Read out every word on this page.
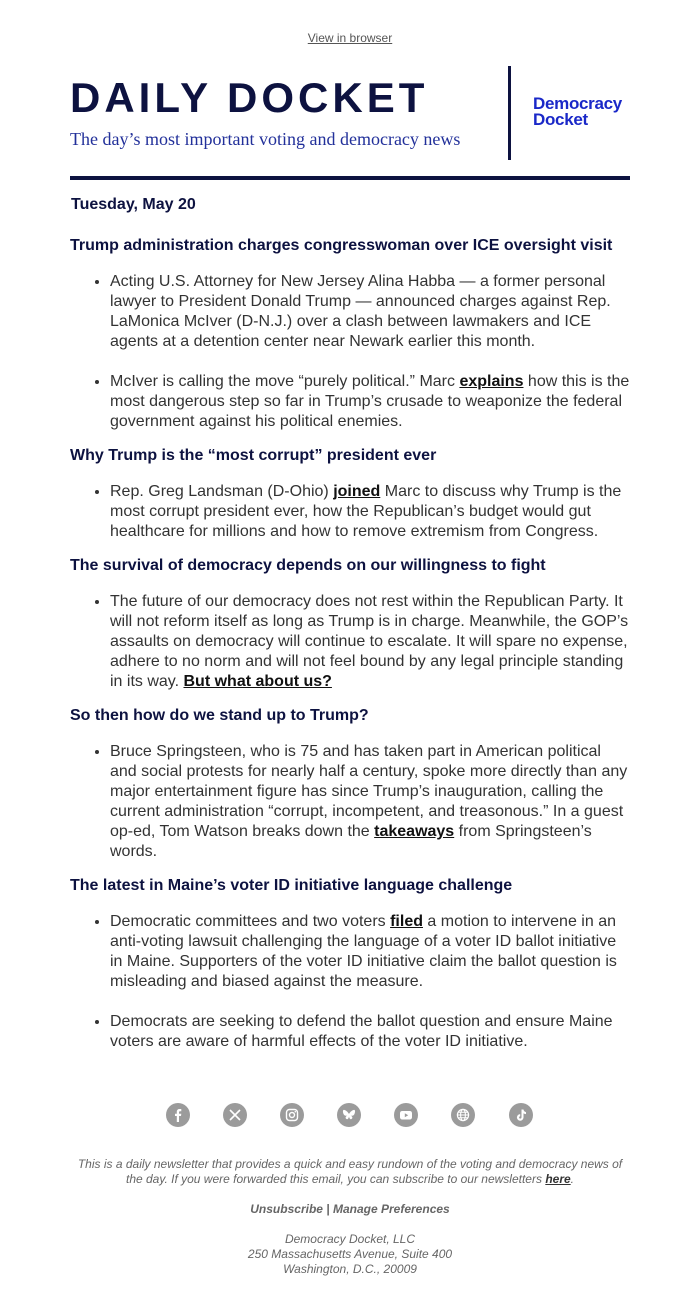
View in browser
DAILY DOCKET
The day’s most important voting and democracy news
Democracy
Docket
Tuesday, May 20
Trump administration charges congresswoman over ICE oversight visit
• Acting U.S. Attorney for New Jersey Alina Habba — a former personal lawyer to President Donald Trump — announced charges against Rep. LaMonica McIver (D-N.J.) over a clash between lawmakers and ICE agents at a detention center near Newark earlier this month.
• McIver is calling the move “purely political.” Marc explains how this is the most dangerous step so far in Trump’s crusade to weaponize the federal government against his political enemies.
Why Trump is the “most corrupt” president ever
• Rep. Greg Landsman (D-Ohio) joined Marc to discuss why Trump is the most corrupt president ever, how the Republican’s budget would gut healthcare for millions and how to remove extremism from Congress.
The survival of democracy depends on our willingness to fight
• The future of our democracy does not rest within the Republican Party. It will not reform itself as long as Trump is in charge. Meanwhile, the GOP’s assaults on democracy will continue to escalate. It will spare no expense, adhere to no norm and will not feel bound by any legal principle standing in its way. But what about us?
So then how do we stand up to Trump?
• Bruce Springsteen, who is 75 and has taken part in American political and social protests for nearly half a century, spoke more directly than any major entertainment figure has since Trump’s inauguration, calling the current administration “corrupt, incompetent, and treasonous.” In a guest op-ed, Tom Watson breaks down the takeaways from Springsteen’s words.
The latest in Maine’s voter ID initiative language challenge
• Democratic committees and two voters filed a motion to intervene in an anti-voting lawsuit challenging the language of a voter ID ballot initiative in Maine. Supporters of the voter ID initiative claim the ballot question is misleading and biased against the measure.
• Democrats are seeking to defend the ballot question and ensure Maine voters are aware of harmful effects of the voter ID initiative.
This is a daily newsletter that provides a quick and easy rundown of the voting and democracy news of the day. If you were forwarded this email, you can subscribe to our newsletters here.
Unsubscribe | Manage Preferences
Democracy Docket, LLC
250 Massachusetts Avenue, Suite 400
Washington, D.C., 20009
